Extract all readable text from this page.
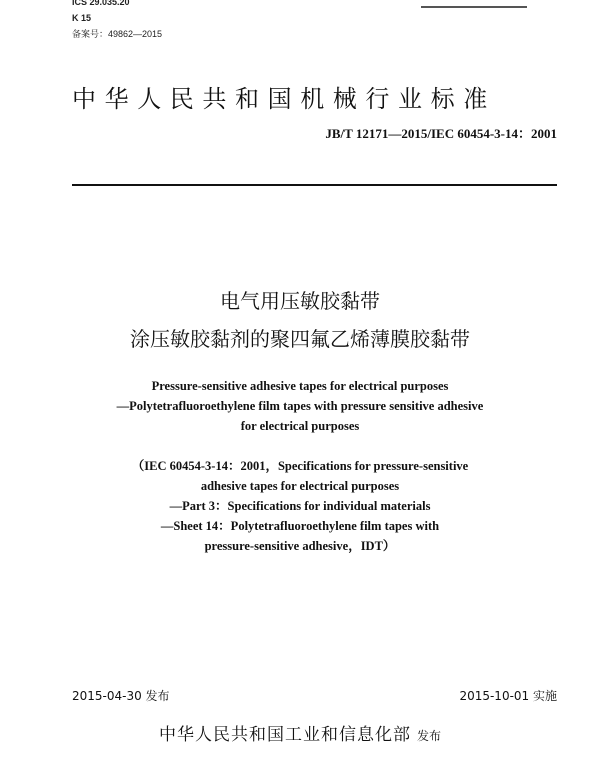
ICS 29.035.20
K 15
备案号：49862—2015
中华人民共和国机械行业标准
JB/T 12171—2015/IEC 60454-3-14：2001
电气用压敏胶黏带
涂压敏胶黏剂的聚四氟乙烯薄膜胶黏带
Pressure-sensitive adhesive tapes for electrical purposes
—Polytetrafluoroethylene film tapes with pressure sensitive adhesive
for electrical purposes
（IEC 60454-3-14：2001，Specifications for pressure-sensitive
adhesive tapes for electrical purposes
—Part 3：Specifications for individual materials
—Sheet 14：Polytetrafluoroethylene film tapes with
pressure-sensitive adhesive，IDT）
2015-04-30 发布	2015-10-01 实施
中华人民共和国工业和信息化部 发布
